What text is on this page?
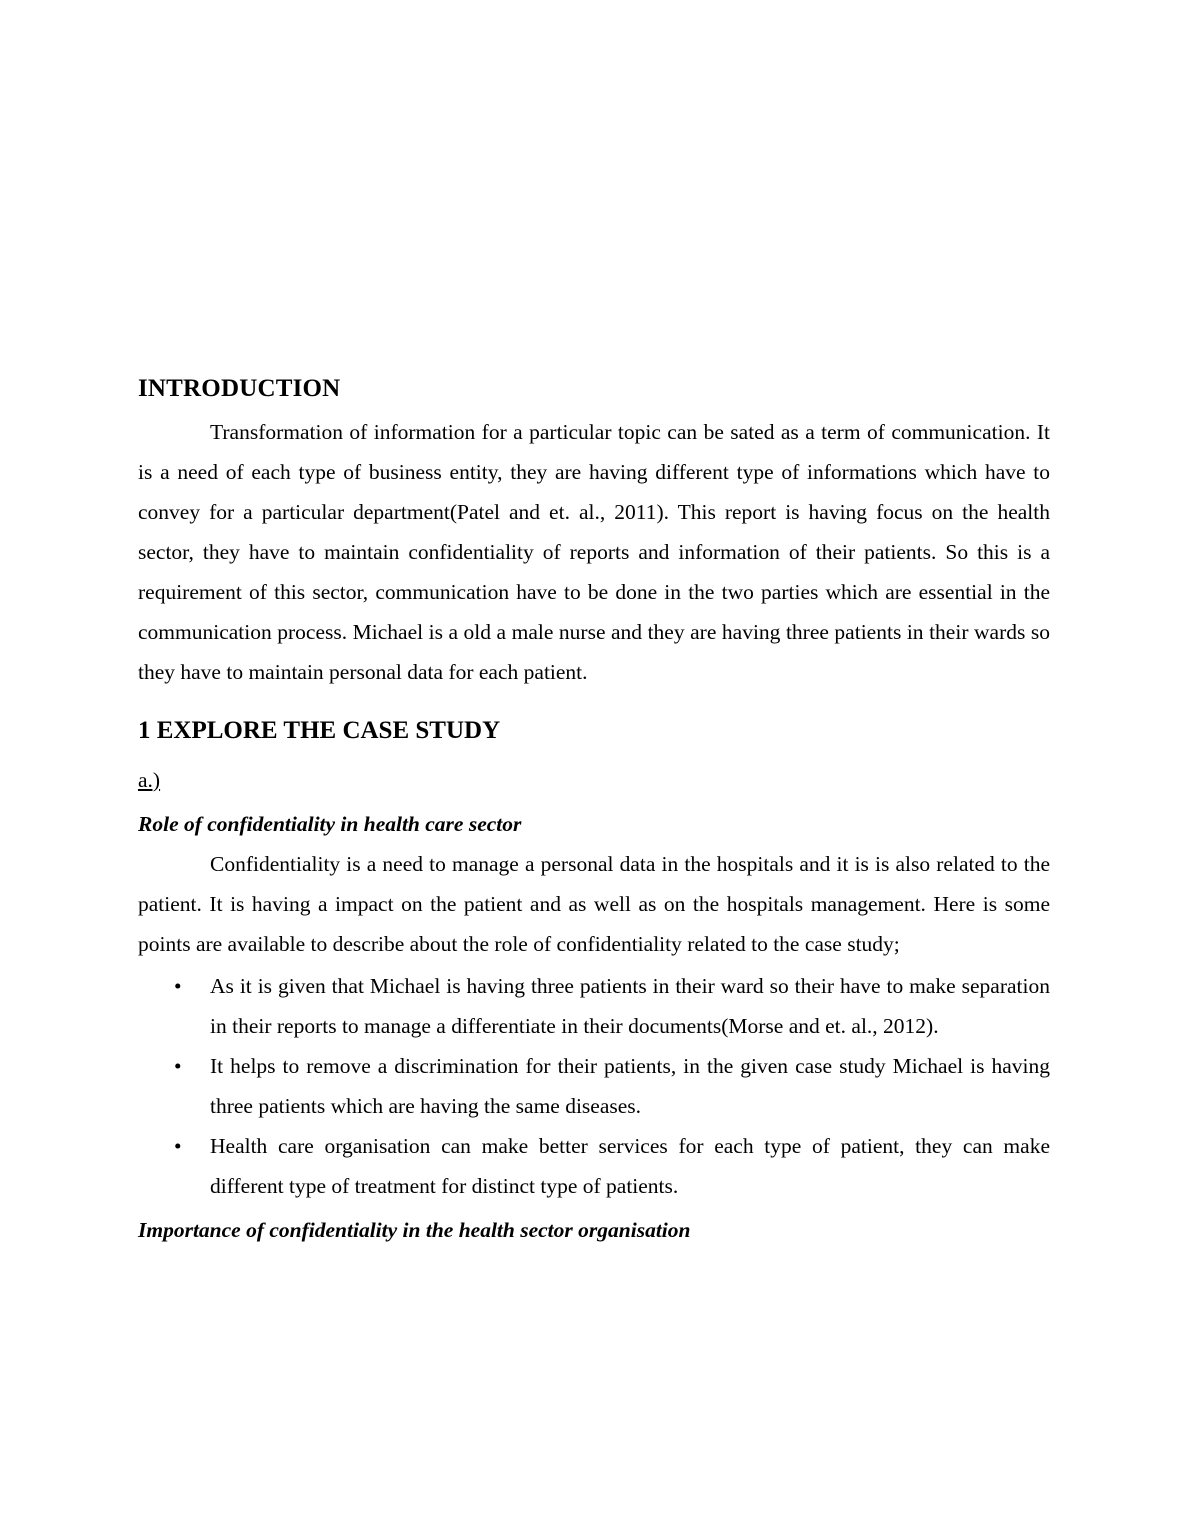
INTRODUCTION

Transformation of information for a particular topic can be sated as a term of communication. It is a need of each type of business entity, they are having different type of informations which have to convey for a particular department(Patel and et. al., 2011). This report is having focus on the health sector, they have to maintain confidentiality of reports and information of their patients. So this is a requirement of this sector, communication have to be done in the two parties which are essential in the communication process. Michael is a old a male nurse and they are having three patients in their wards so they have to maintain personal data for each patient.

1 EXPLORE THE CASE STUDY
a.)
Role of confidentiality in health care sector

Confidentiality is a need to manage a personal data in the hospitals and it is is also related to the patient. It is having a impact on the patient and as well as on the hospitals management. Here is some points are available to describe about the role of confidentiality related to the case study;

• As it is given that Michael is having three patients in their ward so their have to make separation in their reports to manage a differentiate in their documents(Morse and et. al., 2012).
• It helps to remove a discrimination for their patients, in the given case study Michael is having three patients which are having the same diseases.
• Health care organisation can make better services for each type of patient, they can make different type of treatment for distinct type of patients.
Importance of confidentiality in the health sector organisation
